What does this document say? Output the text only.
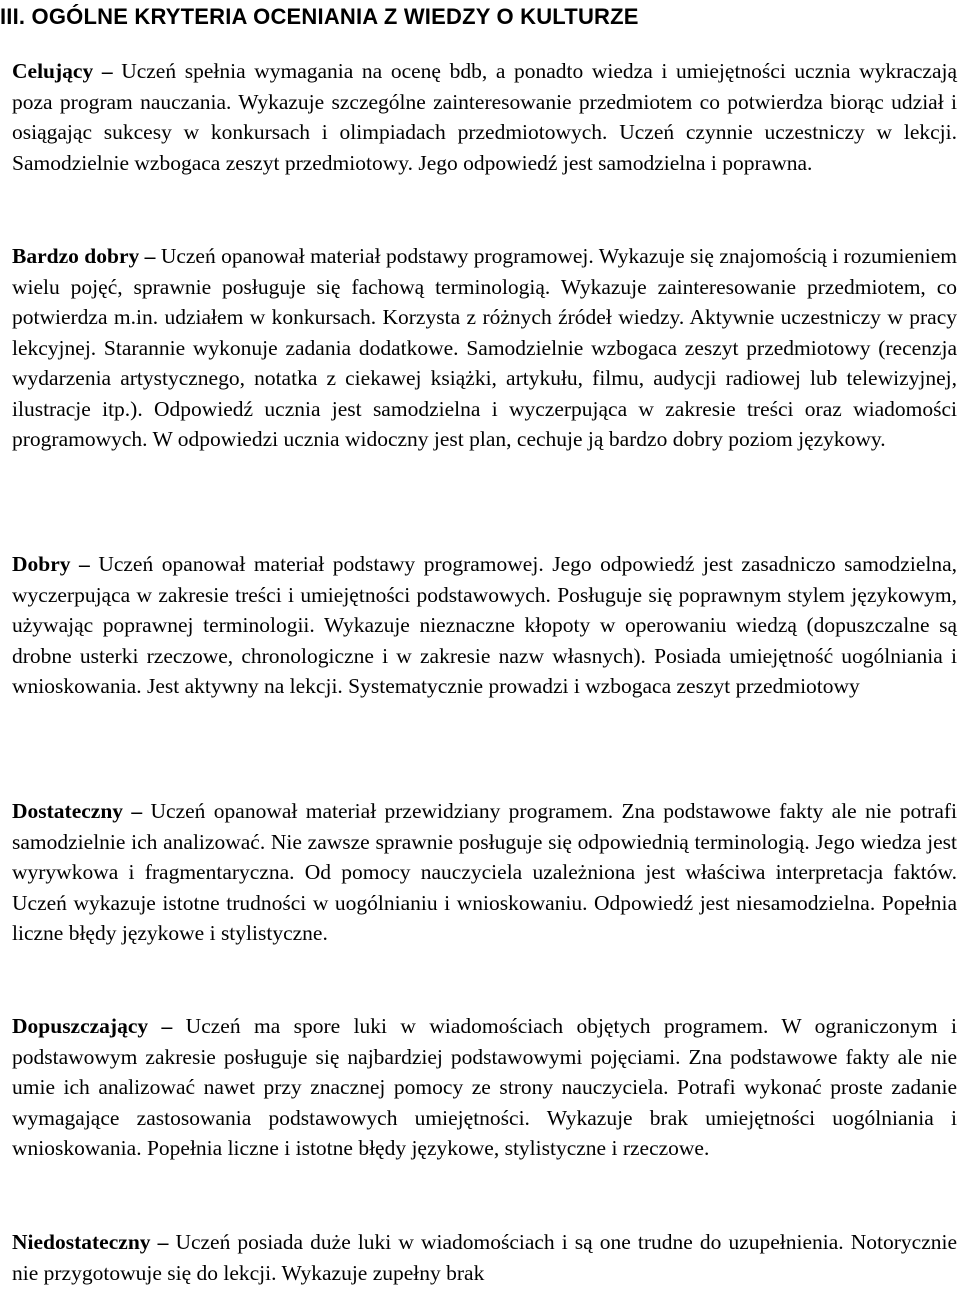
III. OGÓLNE KRYTERIA OCENIANIA Z WIEDZY O KULTURZE

Celujący – Uczeń spełnia wymagania na ocenę bdb, a ponadto wiedza i umiejętności ucznia wykraczają poza program nauczania. Wykazuje szczególne zainteresowanie przedmiotem co potwierdza biorąc udział i osiągając sukcesy w konkursach i olimpiadach przedmiotowych. Uczeń czynnie uczestniczy w lekcji. Samodzielnie wzbogaca zeszyt przedmiotowy. Jego odpowiedź jest samodzielna i poprawna.

Bardzo dobry – Uczeń opanował materiał podstawy programowej. Wykazuje się znajomością i rozumieniem wielu pojęć, sprawnie posługuje się fachową terminologią. Wykazuje zainteresowanie przedmiotem, co potwierdza m.in. udziałem w konkursach. Korzysta z różnych źródeł wiedzy. Aktywnie uczestniczy w pracy lekcyjnej. Starannie wykonuje zadania dodatkowe. Samodzielnie wzbogaca zeszyt przedmiotowy (recenzja wydarzenia artystycznego, notatka z ciekawej książki, artykułu, filmu, audycji radiowej lub telewizyjnej, ilustracje itp.). Odpowiedź ucznia jest samodzielna i wyczerpująca w zakresie treści oraz wiadomości programowych. W odpowiedzi ucznia widoczny jest plan, cechuje ją bardzo dobry poziom językowy.

Dobry – Uczeń opanował materiał podstawy programowej. Jego odpowiedź jest zasadniczo samodzielna, wyczerpująca w zakresie treści i umiejętności podstawowych. Posługuje się poprawnym stylem językowym, używając poprawnej terminologii. Wykazuje nieznaczne kłopoty w operowaniu wiedzą (dopuszczalne są drobne usterki rzeczowe, chronologiczne i w zakresie nazw własnych). Posiada umiejętność uogólniania i wnioskowania. Jest aktywny na lekcji. Systematycznie prowadzi i wzbogaca zeszyt przedmiotowy

Dostateczny – Uczeń opanował materiał przewidziany programem. Zna podstawowe fakty ale nie potrafi samodzielnie ich analizować. Nie zawsze sprawnie posługuje się odpowiednią terminologią. Jego wiedza jest wyrywkowa i fragmentaryczna. Od pomocy nauczyciela uzależniona jest właściwa interpretacja faktów. Uczeń wykazuje istotne trudności w uogólnianiu i wnioskowaniu. Odpowiedź jest niesamodzielna. Popełnia liczne błędy językowe i stylistyczne.

Dopuszczający – Uczeń ma spore luki w wiadomościach objętych programem. W ograniczonym i podstawowym zakresie posługuje się najbardziej podstawowymi pojęciami. Zna podstawowe fakty ale nie umie ich analizować nawet przy znacznej pomocy ze strony nauczyciela. Potrafi wykonać proste zadanie wymagające zastosowania podstawowych umiejętności. Wykazuje brak umiejętności uogólniania i wnioskowania. Popełnia liczne i istotne błędy językowe, stylistyczne i rzeczowe.

Niedostateczny – Uczeń posiada duże luki w wiadomościach i są one trudne do uzupełnienia. Notorycznie nie przygotowuje się do lekcji. Wykazuje zupełny brak
